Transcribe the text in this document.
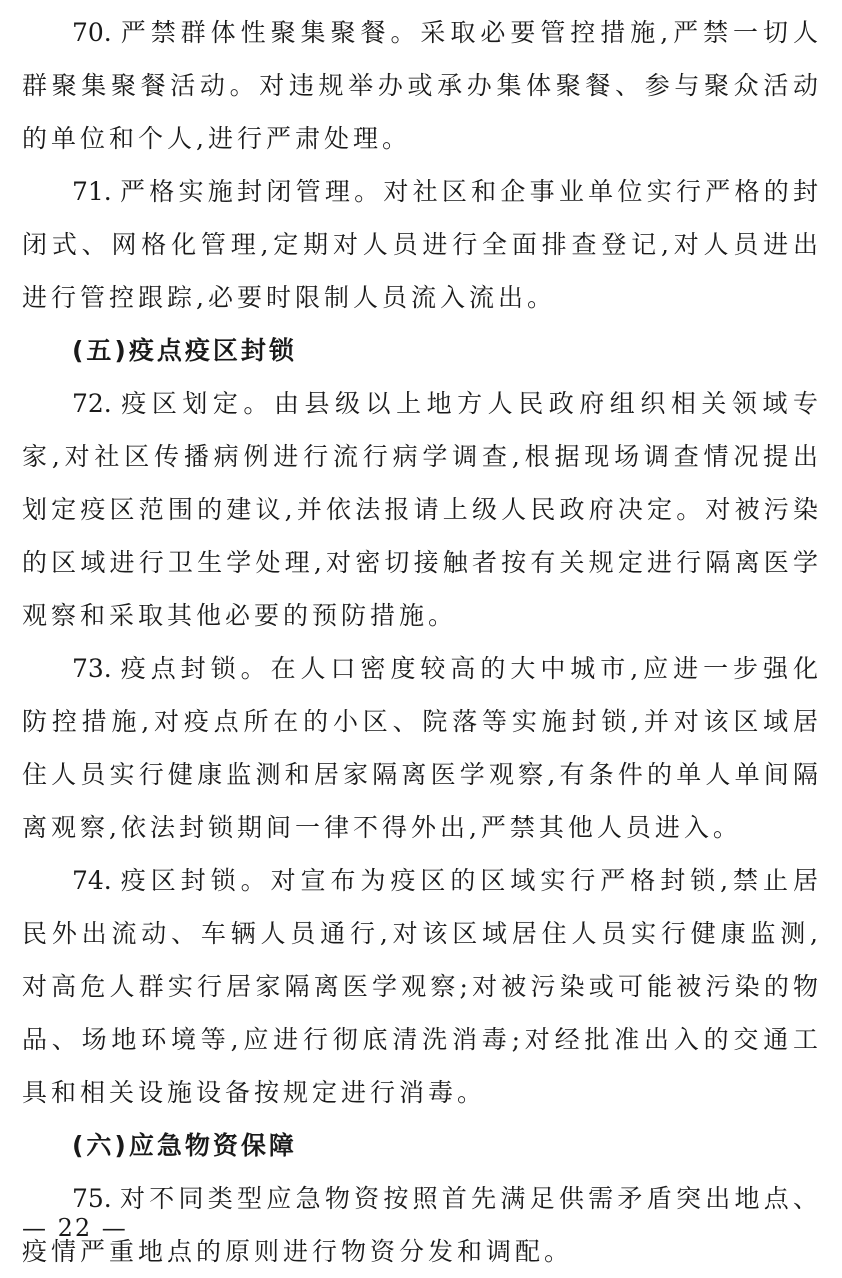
70. 严禁群体性聚集聚餐。采取必要管控措施,严禁一切人群聚集聚餐活动。对违规举办或承办集体聚餐、参与聚众活动的单位和个人,进行严肃处理。

71. 严格实施封闭管理。对社区和企事业单位实行严格的封闭式、网格化管理,定期对人员进行全面排查登记,对人员进出进行管控跟踪,必要时限制人员流入流出。

(五)疫点疫区封锁

72. 疫区划定。由县级以上地方人民政府组织相关领域专家,对社区传播病例进行流行病学调查,根据现场调查情况提出划定疫区范围的建议,并依法报请上级人民政府决定。对被污染的区域进行卫生学处理,对密切接触者按有关规定进行隔离医学观察和采取其他必要的预防措施。

73. 疫点封锁。在人口密度较高的大中城市,应进一步强化防控措施,对疫点所在的小区、院落等实施封锁,并对该区域居住人员实行健康监测和居家隔离医学观察,有条件的单人单间隔离观察,依法封锁期间一律不得外出,严禁其他人员进入。

74. 疫区封锁。对宣布为疫区的区域实行严格封锁,禁止居民外出流动、车辆人员通行,对该区域居住人员实行健康监测,对高危人群实行居家隔离医学观察;对被污染或可能被污染的物品、场地环境等,应进行彻底清洗消毒;对经批准出入的交通工具和相关设施设备按规定进行消毒。

(六)应急物资保障

75. 对不同类型应急物资按照首先满足供需矛盾突出地点、疫情严重地点的原则进行物资分发和调配。

— 22 —
